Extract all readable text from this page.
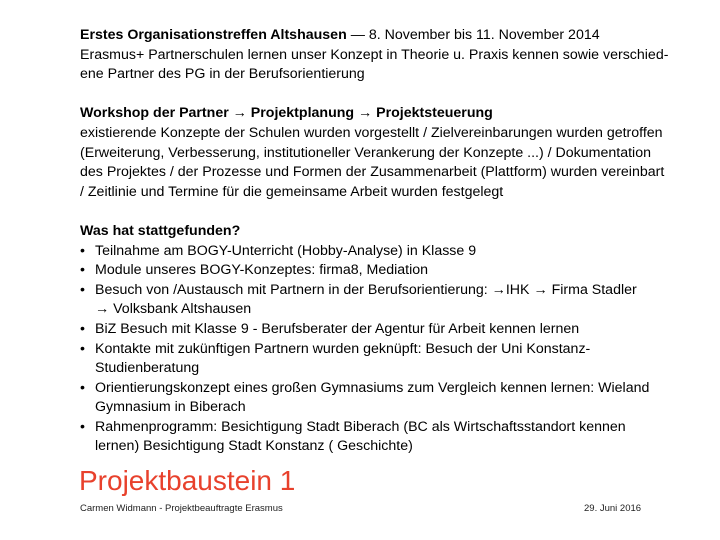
Erstes Organisationstreffen Altshausen — 8. November bis 11. November 2014

Erasmus+ Partnerschulen lernen unser Konzept in Theorie u. Praxis kennen sowie verschied-

ene Partner des PG in der Berufsorientierung

Workshop der Partner → Projektplanung → Projektsteuerung

existierende Konzepte der Schulen wurden vorgestellt / Zielvereinbarungen wurden getroffen

(Erweiterung, Verbesserung, institutioneller Verankerung der Konzepte ...) / Dokumentation

des Projektes / der Prozesse und Formen der Zusammenarbeit (Plattform) wurden vereinbart

/ Zeitlinie und Termine für die gemeinsame Arbeit wurden festgelegt

Was hat stattgefunden?

• Teilnahme am BOGY-Unterricht (Hobby-Analyse) in Klasse 9
• Module unseres BOGY-Konzeptes: firma8, Mediation
• Besuch von /Austausch mit Partnern in der Berufsorientierung: →IHK → Firma Stadler
→ Volksbank Altshausen
• BiZ Besuch mit Klasse 9 - Berufsberater der Agentur für Arbeit kennen lernen
• Kontakte mit zukünftigen Partnern wurden geknüpft: Besuch der Uni Konstanz-
Studienberatung
• Orientierungskonzept eines großen Gymnasiums zum Vergleich kennen lernen: Wieland
Gymnasium in Biberach
• Rahmenprogramm: Besichtigung Stadt Biberach (BC als Wirtschaftsstandort kennen
lernen) Besichtigung Stadt Konstanz ( Geschichte)
Projektbaustein 1
Carmen Widmann - Projektbeauftragte Erasmus	29. Juni 2016
